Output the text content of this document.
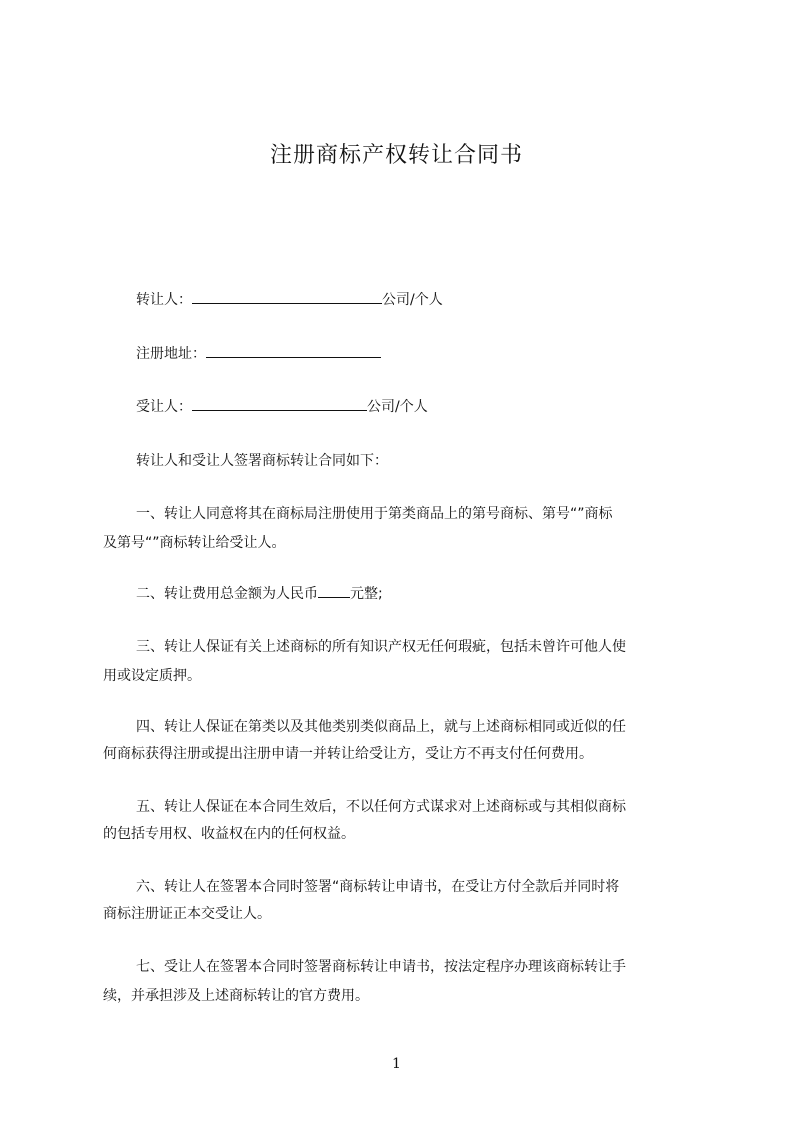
注册商标产权转让合同书
转让人：	公司/个人
注册地址：
受让人：	公司/个人
转让人和受让人签署商标转让合同如下：
一、转让人同意将其在商标局注册使用于第类商品上的第号商标、第号“”商标
及第号“”商标转让给受让人。
二、转让费用总金额为人民币 元整;
三、转让人保证有关上述商标的所有知识产权无任何瑕疵，包括未曾许可他人使
用或设定质押。
四、转让人保证在第类以及其他类别类似商品上，就与上述商标相同或近似的任
何商标获得注册或提出注册申请一并转让给受让方，受让方不再支付任何费用。
五、转让人保证在本合同生效后，不以任何方式谋求对上述商标或与其相似商标
的包括专用权、收益权在内的任何权益。
六、转让人在签署本合同时签署“商标转让申请书，在受让方付全款后并同时将
商标注册证正本交受让人。
七、受让人在签署本合同时签署商标转让申请书，按法定程序办理该商标转让手
续，并承担涉及上述商标转让的官方费用。
1
